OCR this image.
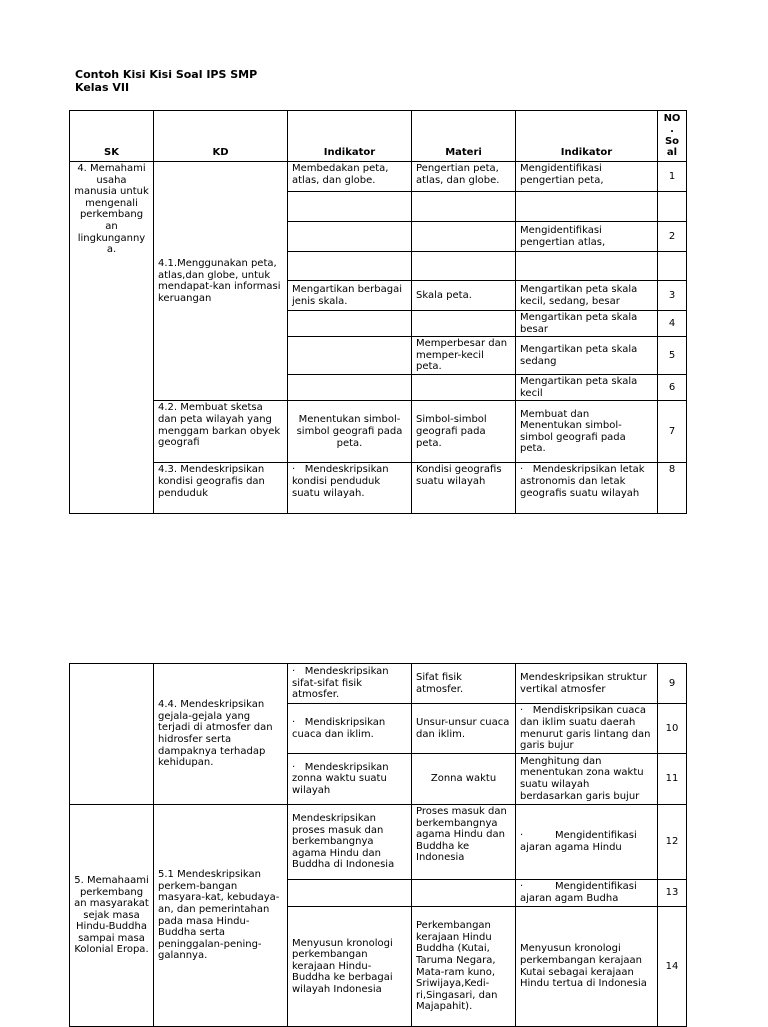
Contoh Kisi Kisi Soal IPS SMP
Kelas VII
SK	KD	Indikator	Materi	Indikator	NO . So al
4. Memahami usaha manusia untuk mengenali perkembang an lingkunganny a.	4.1.Menggunakan peta, atlas,dan globe, untuk mendapat-kan informasi keruangan	Membedakan peta, atlas, dan globe.	Pengertian peta, atlas, dan globe.	Mengidentifikasi pengertian peta,	1

				Mengidentifikasi pengertian atlas,	2

		Mengartikan berbagai jenis skala.	Skala peta.	Mengartikan peta skala kecil, sedang, besar	3
				Mengartikan peta skala besar	4
			Memperbesar dan memper-kecil peta.	Mengartikan peta skala sedang	5
				Mengartikan peta skala kecil	6
	4.2. Membuat sketsa dan peta wilayah yang menggam barkan obyek geografi	Menentukan simbol-simbol geografi pada peta.	Simbol-simbol geografi pada peta.	Membuat dan Menentukan simbol-simbol geografi pada peta.	7
	4.3. Mendeskripsikan kondisi geografis dan penduduk	·   Mendeskripsikan kondisi penduduk suatu wilayah.	Kondisi geografis suatu wilayah	·   Mendeskripsikan letak astronomis dan letak geografis suatu wilayah	8
	4.4. Mendeskripsikan gejala-gejala yang terjadi di atmosfer dan hidrosfer serta dampaknya terhadap kehidupan.	·   Mendeskripsikan sifat-sifat fisik atmosfer.	Sifat fisik atmosfer.	Mendeskripsikan struktur vertikal atmosfer	9
		·   Mendiskripsikan cuaca dan iklim.	Unsur-unsur cuaca dan iklim.	·   Mendiskripsikan cuaca dan iklim suatu daerah menurut garis lintang dan garis bujur	10
		·   Mendeskripsikan zonna waktu suatu wilayah	Zonna waktu	Menghitung dan menentukan zona waktu suatu wilayah berdasarkan garis bujur	11
5. Memahaami perkembang an masyarakat sejak masa Hindu-Buddha sampai masa Kolonial Eropa.	5.1 Mendeskripsikan perkem-bangan masyara-kat, kebudaya-an, dan pemerintahan pada masa Hindu-Buddha serta peninggalan-pening-galannya.	Mendeskripsikan proses masuk dan berkembangnya agama Hindu dan Buddha di Indonesia	Proses masuk dan berkembangnya agama Hindu dan Buddha ke Indonesia	· Mengidentifikasi ajaran agama Hindu	12
				· Mengidentifikasi ajaran agam Budha	13
		Menyusun kronologi perkembangan kerajaan Hindu-Buddha ke berbagai wilayah Indonesia	Perkembangan kerajaan Hindu Buddha (Kutai, Taruma Negara, Mata-ram kuno, Sriwijaya,Kedi-ri,Singasari, dan Majapahit).	Menyusun kronologi perkembangan kerajaan Kutai sebagai kerajaan Hindu tertua di Indonesia	14
